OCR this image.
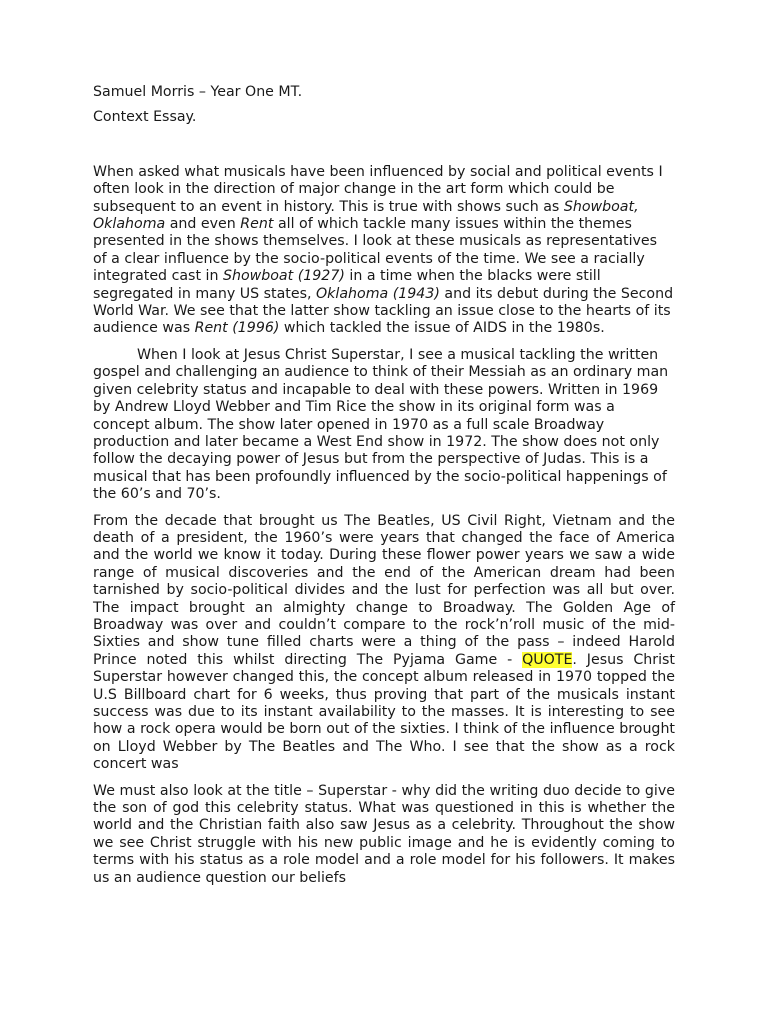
Samuel Morris – Year One MT.

Context Essay.

When asked what musicals have been influenced by social and political events I often look in the direction of major change in the art form which could be subsequent to an event in history. This is true with shows such as Showboat, Oklahoma and even Rent all of which tackle many issues within the themes presented in the shows themselves. I look at these musicals as representatives of a clear influence by the socio-political events of the time. We see a racially integrated cast in Showboat (1927) in a time when the blacks were still segregated in many US states, Oklahoma (1943) and its debut during the Second World War. We see that the latter show tackling an issue close to the hearts of its audience was Rent (1996) which tackled the issue of AIDS in the 1980s.

When I look at Jesus Christ Superstar, I see a musical tackling the written gospel and challenging an audience to think of their Messiah as an ordinary man given celebrity status and incapable to deal with these powers. Written in 1969 by Andrew Lloyd Webber and Tim Rice the show in its original form was a concept album. The show later opened in 1970 as a full scale Broadway production and later became a West End show in 1972. The show does not only follow the decaying power of Jesus but from the perspective of Judas. This is a musical that has been profoundly influenced by the socio-political happenings of the 60’s and 70’s.

From the decade that brought us The Beatles, US Civil Right, Vietnam and the death of a president, the 1960’s were years that changed the face of America and the world we know it today. During these flower power years we saw a wide range of musical discoveries and the end of the American dream had been tarnished by socio-political divides and the lust for perfection was all but over. The impact brought an almighty change to Broadway. The Golden Age of Broadway was over and couldn’t compare to the rock’n’roll music of the mid-Sixties and show tune filled charts were a thing of the pass – indeed Harold Prince noted this whilst directing The Pyjama Game - QUOTE. Jesus Christ Superstar however changed this, the concept album released in 1970 topped the U.S Billboard chart for 6 weeks, thus proving that part of the musicals instant success was due to its instant availability to the masses. It is interesting to see how a rock opera would be born out of the sixties. I think of the influence brought on Lloyd Webber by The Beatles and The Who. I see that the show as a rock concert was

We must also look at the title – Superstar - why did the writing duo decide to give the son of god this celebrity status. What was questioned in this is whether the world and the Christian faith also saw Jesus as a celebrity. Throughout the show we see Christ struggle with his new public image and he is evidently coming to terms with his status as a role model and a role model for his followers. It makes us an audience question our beliefs
